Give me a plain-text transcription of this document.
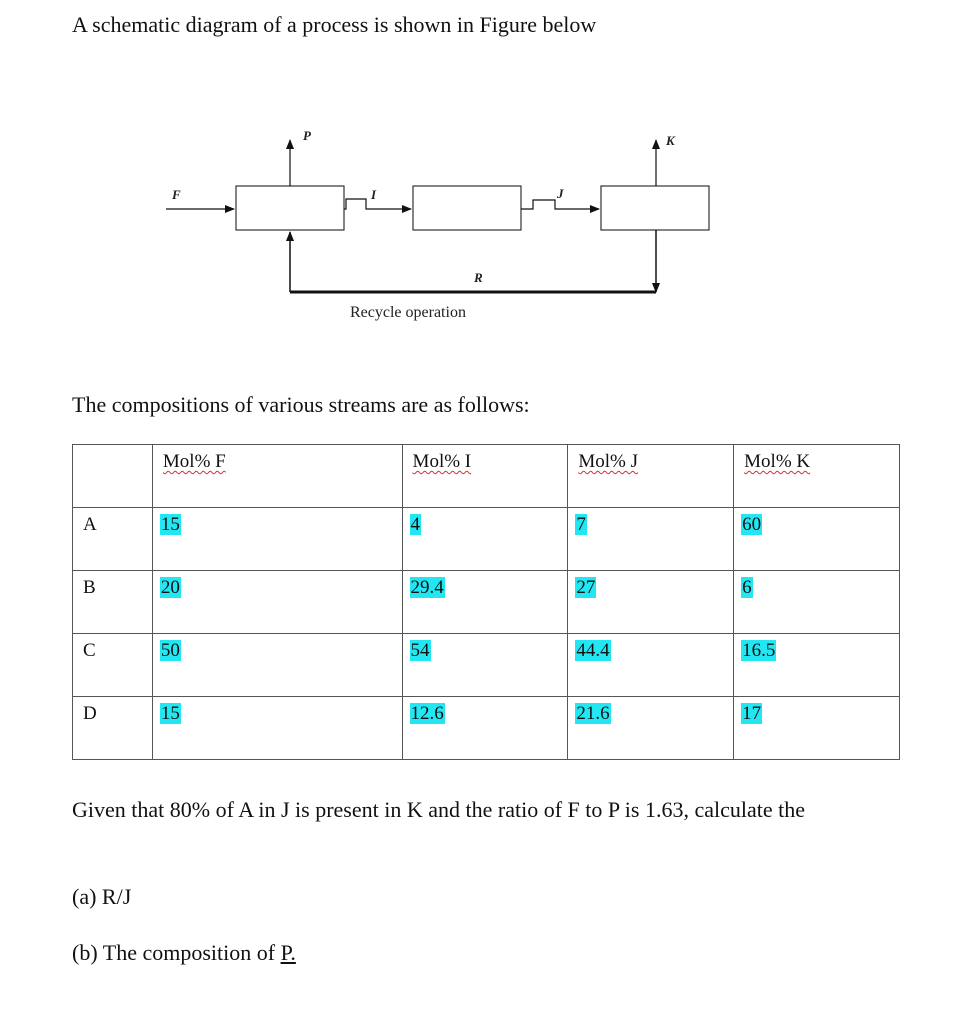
A schematic diagram of a process is shown in Figure below
F
P
I	J
K
R
Recycle operation
The compositions of various streams are as follows:
	Mol% F	Mol% I	Mol% J	Mol% K
A	15	4	7	60
B	20	29.4	27	6
C	50	54	44.4	16.5
D	15	12.6	21.6	17
Given that 80% of A in J is present in K and the ratio of F to P is 1.63, calculate the
(a) R/J
(b) The composition of P.
